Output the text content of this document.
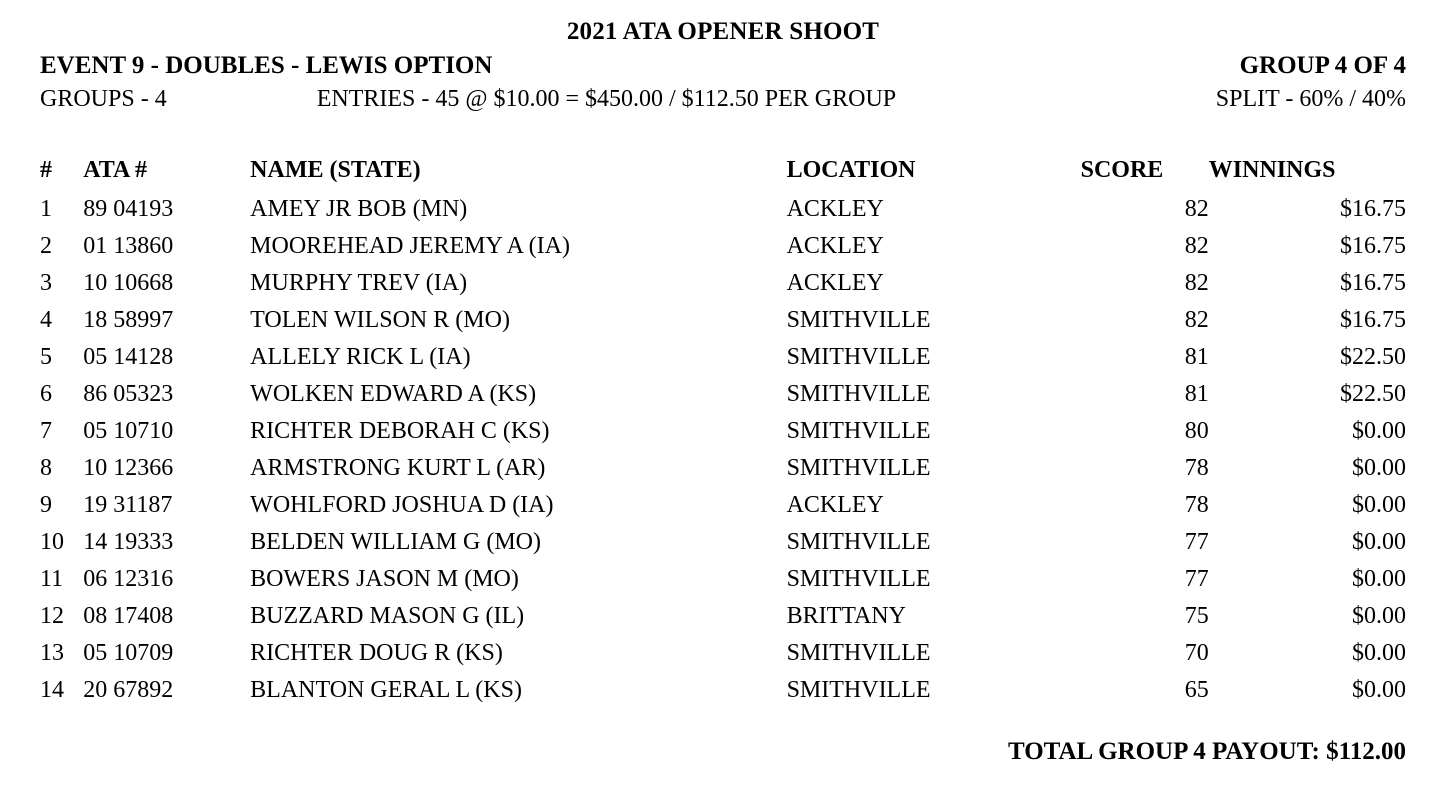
2021 ATA OPENER SHOOT
EVENT 9 - DOUBLES - LEWIS OPTION	GROUP 4 OF 4
GROUPS - 4	ENTRIES - 45 @ $10.00 = $450.00 / $112.50 PER GROUP	SPLIT - 60% / 40%
#	ATA #	NAME (STATE)	LOCATION	SCORE	WINNINGS
1	89 04193	AMEY JR BOB (MN)	ACKLEY	82	$16.75
2	01 13860	MOOREHEAD JEREMY A (IA)	ACKLEY	82	$16.75
3	10 10668	MURPHY TREV (IA)	ACKLEY	82	$16.75
4	18 58997	TOLEN WILSON R (MO)	SMITHVILLE	82	$16.75
5	05 14128	ALLELY RICK L (IA)	SMITHVILLE	81	$22.50
6	86 05323	WOLKEN EDWARD A (KS)	SMITHVILLE	81	$22.50
7	05 10710	RICHTER DEBORAH C (KS)	SMITHVILLE	80	$0.00
8	10 12366	ARMSTRONG KURT L (AR)	SMITHVILLE	78	$0.00
9	19 31187	WOHLFORD JOSHUA D (IA)	ACKLEY	78	$0.00
10	14 19333	BELDEN WILLIAM G (MO)	SMITHVILLE	77	$0.00
11	06 12316	BOWERS JASON M (MO)	SMITHVILLE	77	$0.00
12	08 17408	BUZZARD MASON G (IL)	BRITTANY	75	$0.00
13	05 10709	RICHTER DOUG R (KS)	SMITHVILLE	70	$0.00
14	20 67892	BLANTON GERAL L (KS)	SMITHVILLE	65	$0.00
TOTAL GROUP 4 PAYOUT: $112.00
